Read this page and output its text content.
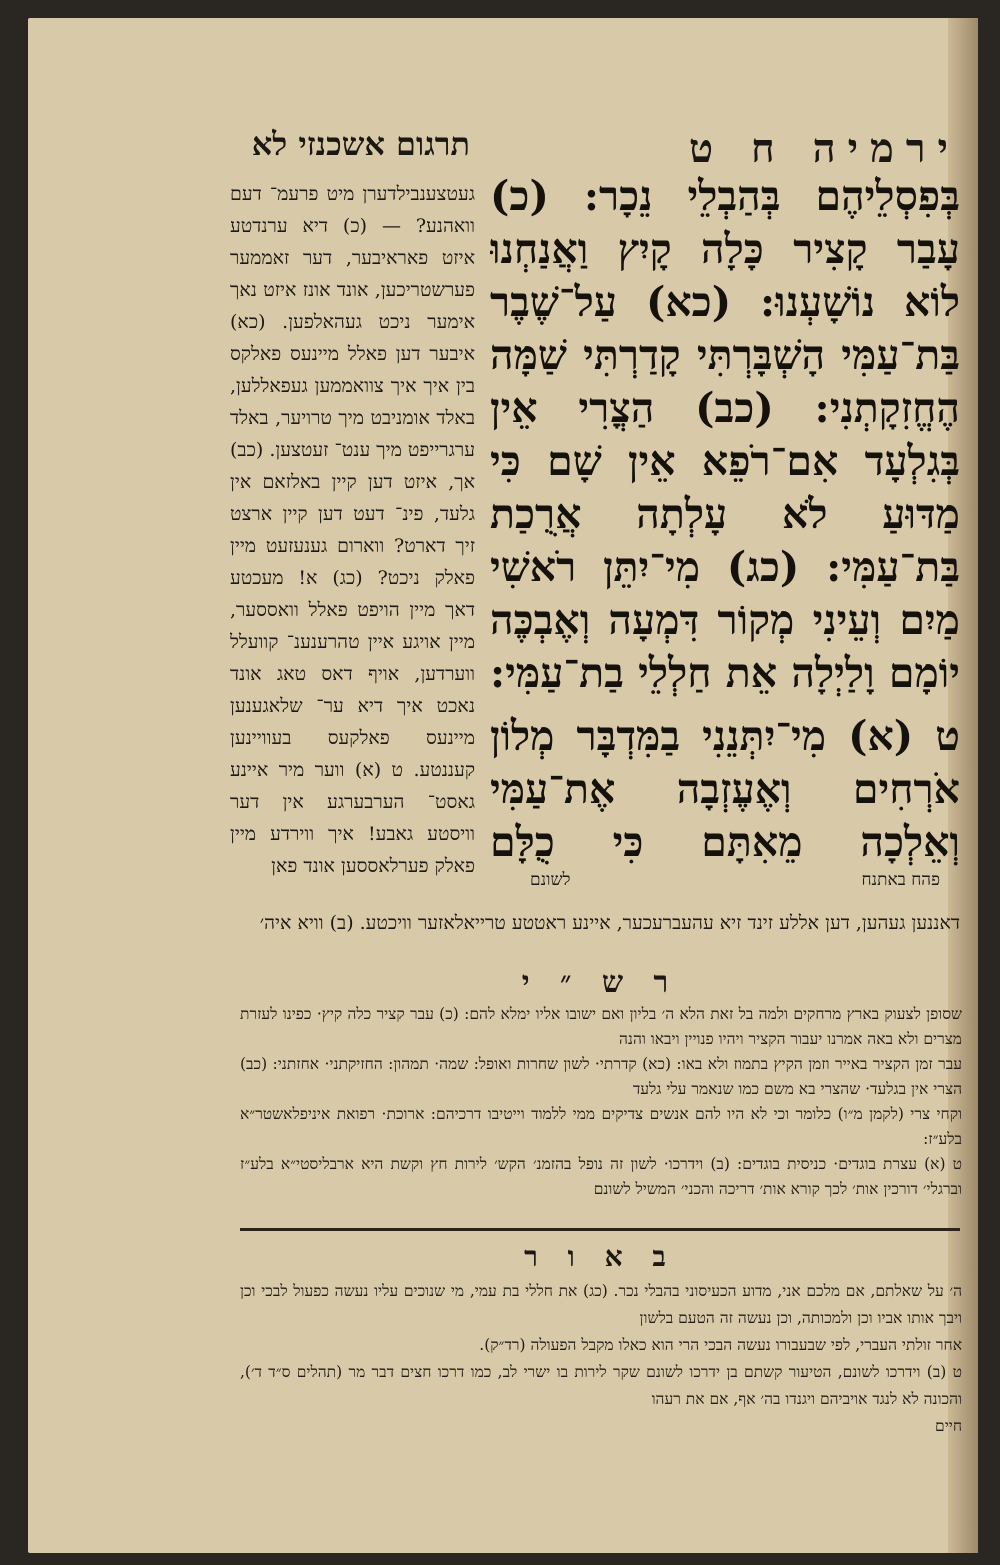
ירמיה ח ט
תרגום אשכנזי לא

בְּפִסְלֵיהֶם בְּהַבְלֵי נֵכָר: (כ) עָבַר קָצִיר כָּלָה קָיִץ וַאֲנַחְנוּ לוֹא נוֹשָׁעְנוּ: (כא) עַל־שֶׁבֶר בַּת־עַמִּי הָשְׁבָּרְתִּי קָדַרְתִּי שַׁמָּה הֶחֱזִקָתְנִי: (כב) הַצֳרִי אֵין בְּגִלְעָד אִם־רֹפֵא אֵין שָׁם כִּי מַדּוּעַ לֹא עָלְתָה אֲרֻכַת בַּת־עַמִּי: (כג) מִי־יִתֵּן רֹאשִׁי מַיִם וְעֵינִי מְקוֹר דִּמְעָה וְאֶבְכֶּה יוֹמָם וָלַיְלָה אֵת חַלְלֵי בַת־עַמִּי:

ט (א) מִי־יִתְּנֵנִי בַמִּדְבָּר מְלוֹן אֹרְחִים וְאֶעֶזְבָה אֶת־עַמִּי וְאֵלְכָה מֵאִתָּם כִּי כֻלָּם

געטצענבילדערן מיט פרעמ־ דעם וואהנע? — (כ) דיא ערנדטע איזט פאראיבער, דער זאממער פערשטריכען, אונד אונז איזט נאך אימער ניכט געהאלפען. (כא) איבער דען פאלל מיינעס פאלקס בין איך איך צוואממען געפאללען, באלד אומניבט מיך טרויער, באלד ערגרייפט מיך ענט־ זעטצען. (כב) אך, איזט דען קיין באלזאם אין גלעד, פינ־ דעט דען קיין ארצט זיך דארט? ווארום גענעזעט מיין פאלק ניכט? (כג) א! מעכטע דאך מיין הויפט פאלל וואססער, מיין אויגע איין טהרענענ־ קוועלל ווערדען, אויף דאס טאג אונד נאכט איך דיא ער־ שלאגענען מיינעס פאלקעס בעוויינען קעננטע. ט (א) ווער מיר איינע גאסט־ הערבערגע אין דער וויסטע גאבע! איך ווירדע מיין פאלק פערלאססען אונד פאן
פהח באתנח
לשונם
דאננען געהען, דען אללע זינד זיא עהעברעכער, איינע ראטטע טרייאלאזער וויכטע. (ב) וויא איה׳
ר ש ״ י

שסופן לצעוק בארץ מרחקים ולמה בל זאת הלא ה׳ בליון ואם ישובו אליו ימלא להם: (כ) עבר קציר כלה קיץ· כפינו לעזרת מצרים ולא באה אמרנו יעבור הקציר ויהיו פנויין ויבאו והנה

עבר זמן הקציר באייר וזמן הקיץ בתמוז ולא באו: (כא) קדרתי· לשון שחרות ואופל: שמה· תמהון: החזיקתני· אחזתני: (כב) הצרי אין בגלעד· שהצרי בא משם כמו שנאמר עלי גלעד

וקחי צרי (לקמן מ״ו) כלומר וכי לא היו להם אנשים צדיקים ממי ללמוד וייטיבו דרכיהם: ארוכת· רפואת איניפלאשטר״א בלע״ז:

ט (א) עצרת בוגדים· כניסית בוגדים: (ב) וידרכו· לשון זה נופל בהזמנ׳ הקש׳ לירות חץ וקשת היא ארבליסטי״א בלע״ז וברגלי׳ דורכין אות׳ לכך קורא אות׳ דריכה והכני׳ המשיל לשונם

ב א ו ר

ה׳ על שאלתם, אם מלכם אני, מדוע הכעיסוני בהבלי נכר. (כג) את חללי בת עמי, מי שנוכים עליו נעשה כפעול לבכי וכן ויבך אותו אביו וכן ולמכותה, וכן נעשה זה הטעם בלשון

אחר זולתי העברי, לפי שבעבורו נעשה הבכי הרי הוא כאלו מקבל הפעולה (רד״ק).

ט (ב) וידרכו לשונם, הטיעור קשתם בן ידרכו לשונם שקר לירות בו ישרי לב, כמו דרכו חצים דבר מר (תהלים ס״ד ד׳), והכונה לא לנגד אויביהם ויגנדו בה׳ אף, אם את רעהו

חיים
